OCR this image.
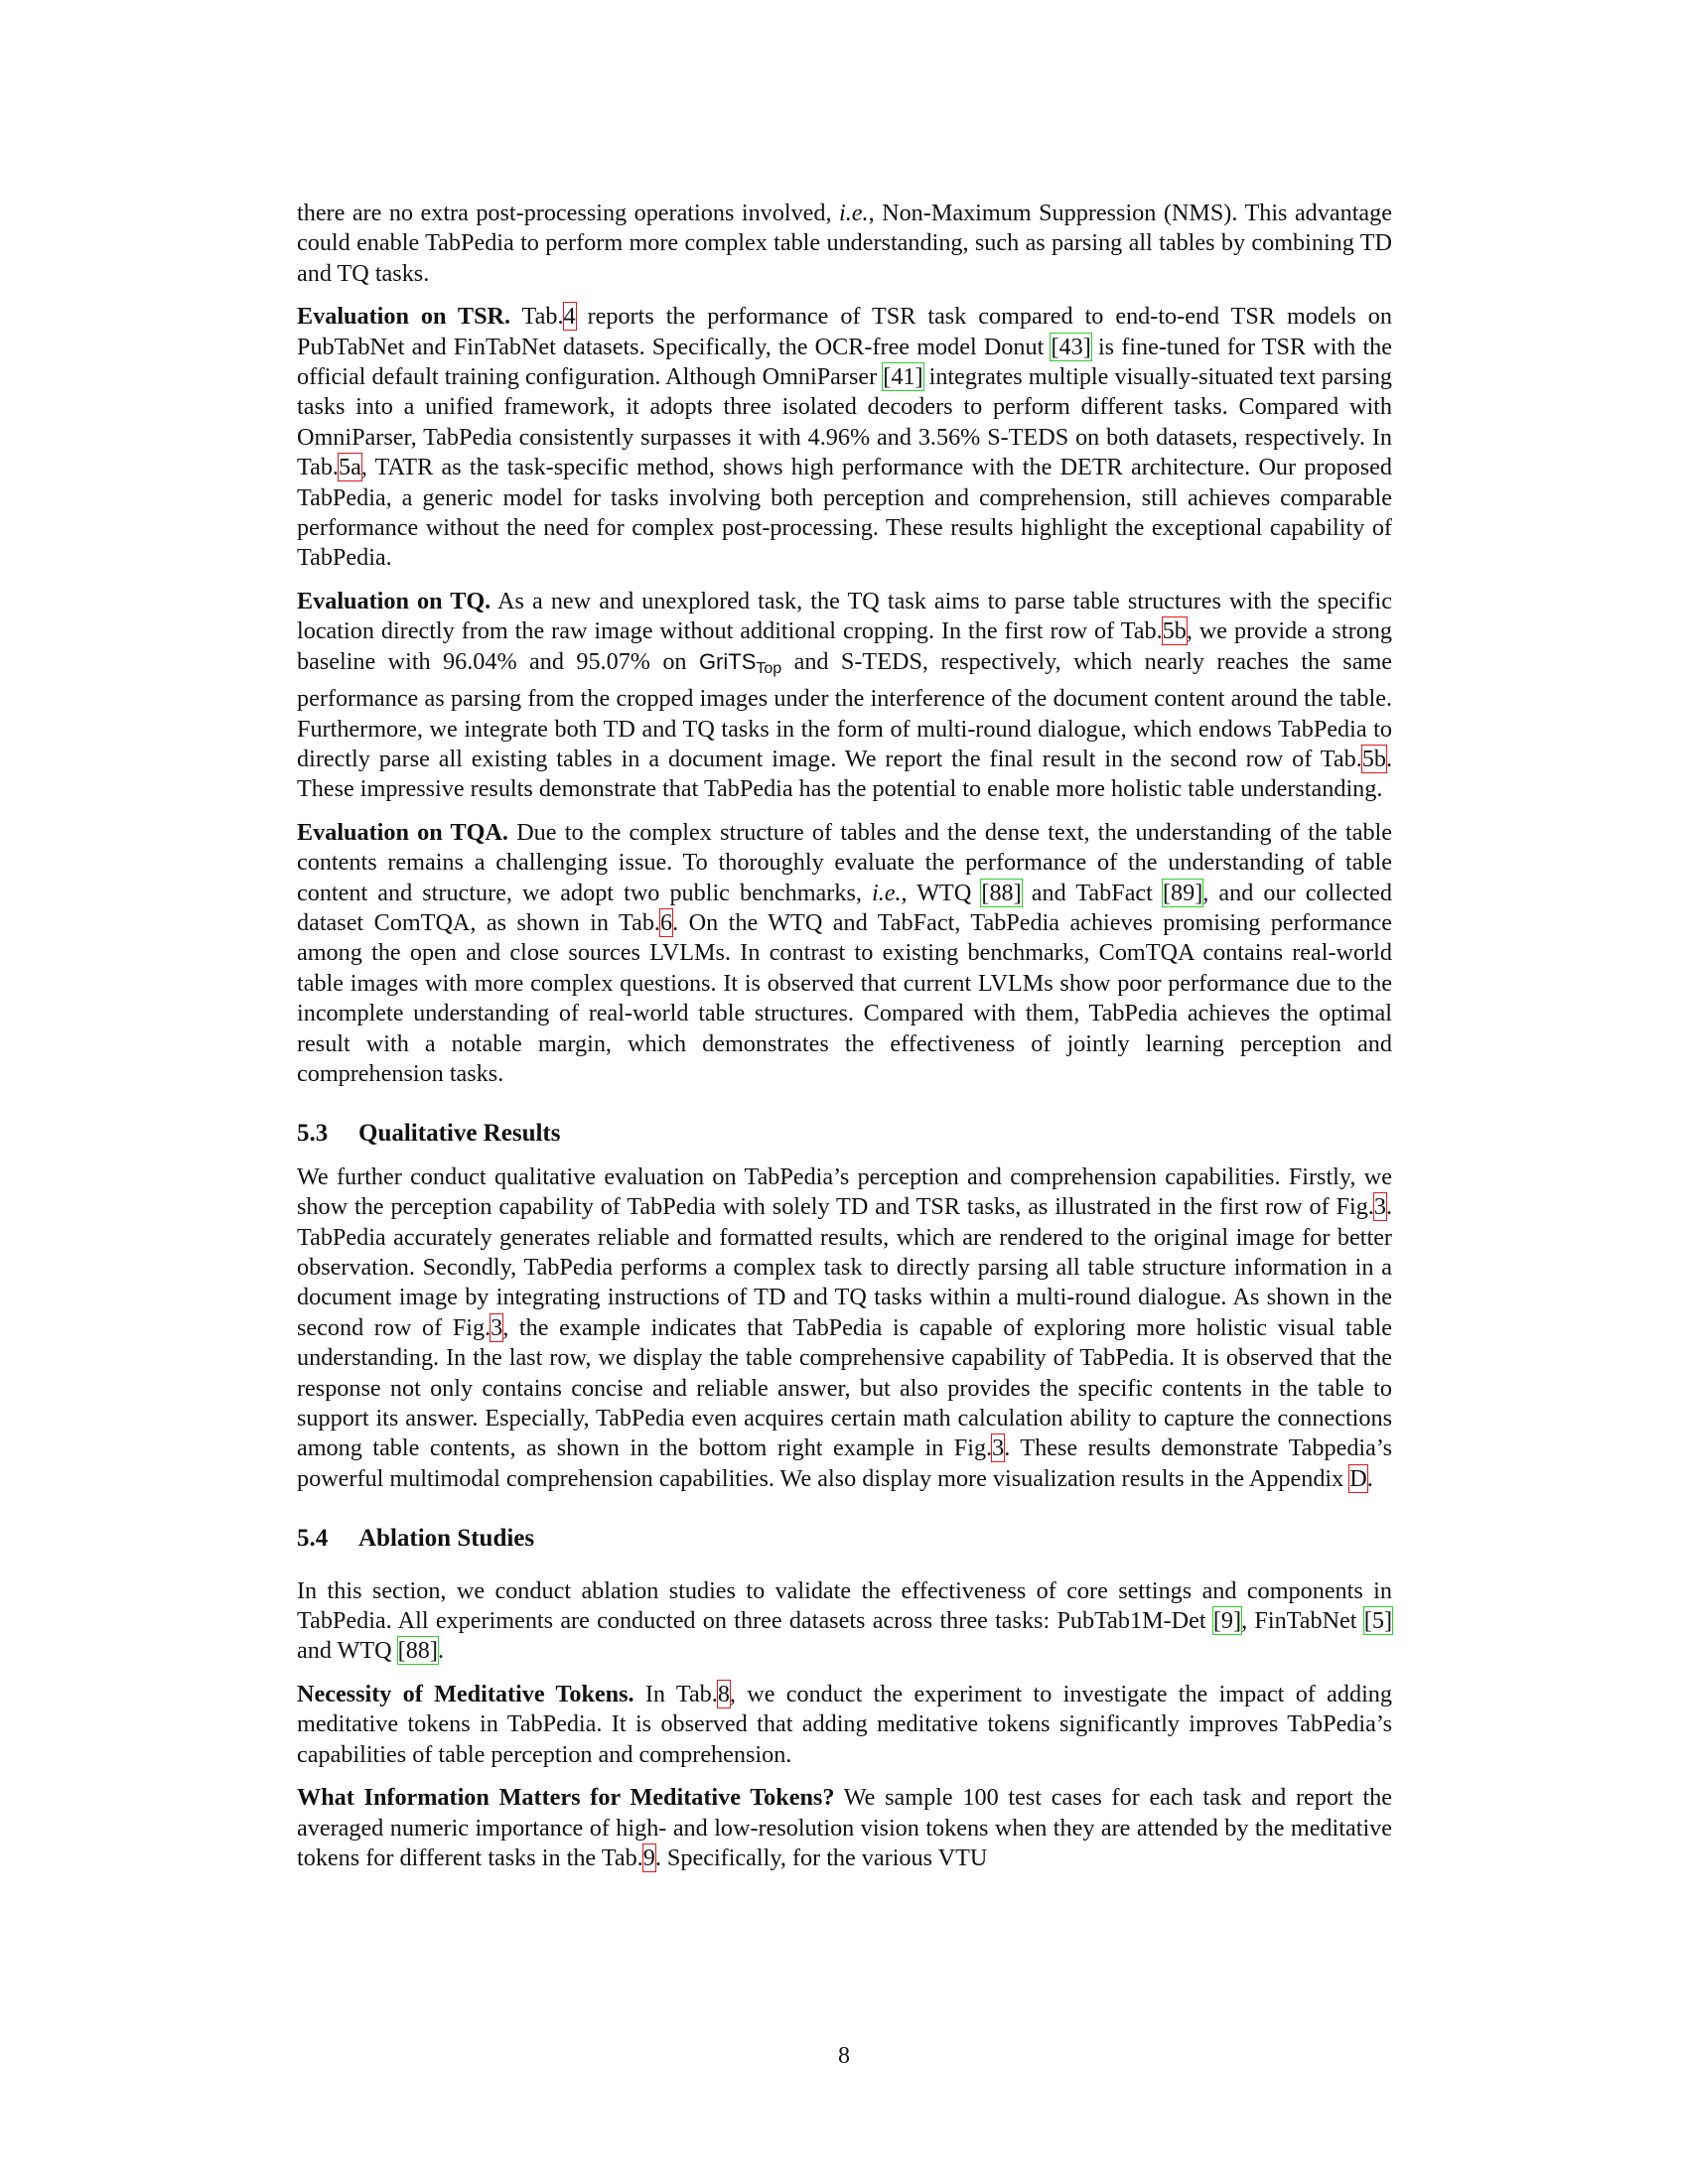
there are no extra post-processing operations involved, i.e., Non-Maximum Suppression (NMS). This advantage could enable TabPedia to perform more complex table understanding, such as parsing all tables by combining TD and TQ tasks.

Evaluation on TSR. Tab.4 reports the performance of TSR task compared to end-to-end TSR models on PubTabNet and FinTabNet datasets. Specifically, the OCR-free model Donut [43] is fine-tuned for TSR with the official default training configuration. Although OmniParser [41] integrates multiple visually-situated text parsing tasks into a unified framework, it adopts three isolated decoders to perform different tasks. Compared with OmniParser, TabPedia consistently surpasses it with 4.96% and 3.56% S-TEDS on both datasets, respectively. In Tab.5a, TATR as the task-specific method, shows high performance with the DETR architecture. Our proposed TabPedia, a generic model for tasks involving both perception and comprehension, still achieves comparable performance without the need for complex post-processing. These results highlight the exceptional capability of TabPedia.

Evaluation on TQ. As a new and unexplored task, the TQ task aims to parse table structures with the specific location directly from the raw image without additional cropping. In the first row of Tab.5b, we provide a strong baseline with 96.04% and 95.07% on GriTS$_{Top}$ and S-TEDS, respectively, which nearly reaches the same performance as parsing from the cropped images under the interference of the document content around the table. Furthermore, we integrate both TD and TQ tasks in the form of multi-round dialogue, which endows TabPedia to directly parse all existing tables in a document image. We report the final result in the second row of Tab.5b. These impressive results demonstrate that TabPedia has the potential to enable more holistic table understanding.

Evaluation on TQA. Due to the complex structure of tables and the dense text, the understanding of the table contents remains a challenging issue. To thoroughly evaluate the performance of the understanding of table content and structure, we adopt two public benchmarks, i.e., WTQ [88] and TabFact [89], and our collected dataset ComTQA, as shown in Tab.6. On the WTQ and TabFact, TabPedia achieves promising performance among the open and close sources LVLMs. In contrast to existing benchmarks, ComTQA contains real-world table images with more complex questions. It is observed that current LVLMs show poor performance due to the incomplete understanding of real-world table structures. Compared with them, TabPedia achieves the optimal result with a notable margin, which demonstrates the effectiveness of jointly learning perception and comprehension tasks.

5.3 Qualitative Results

We further conduct qualitative evaluation on TabPedia’s perception and comprehension capabilities. Firstly, we show the perception capability of TabPedia with solely TD and TSR tasks, as illustrated in the first row of Fig.3. TabPedia accurately generates reliable and formatted results, which are rendered to the original image for better observation. Secondly, TabPedia performs a complex task to directly parsing all table structure information in a document image by integrating instructions of TD and TQ tasks within a multi-round dialogue. As shown in the second row of Fig.3, the example indicates that TabPedia is capable of exploring more holistic visual table understanding. In the last row, we display the table comprehensive capability of TabPedia. It is observed that the response not only contains concise and reliable answer, but also provides the specific contents in the table to support its answer. Especially, TabPedia even acquires certain math calculation ability to capture the connections among table contents, as shown in the bottom right example in Fig.3. These results demonstrate Tabpedia’s powerful multimodal comprehension capabilities. We also display more visualization results in the Appendix D.

5.4 Ablation Studies

In this section, we conduct ablation studies to validate the effectiveness of core settings and components in TabPedia. All experiments are conducted on three datasets across three tasks: PubTab1M-Det [9], FinTabNet [5] and WTQ [88].

Necessity of Meditative Tokens. In Tab.8, we conduct the experiment to investigate the impact of adding meditative tokens in TabPedia. It is observed that adding meditative tokens significantly improves TabPedia’s capabilities of table perception and comprehension.

What Information Matters for Meditative Tokens? We sample 100 test cases for each task and report the averaged numeric importance of high- and low-resolution vision tokens when they are attended by the meditative tokens for different tasks in the Tab.9. Specifically, for the various VTU

8
